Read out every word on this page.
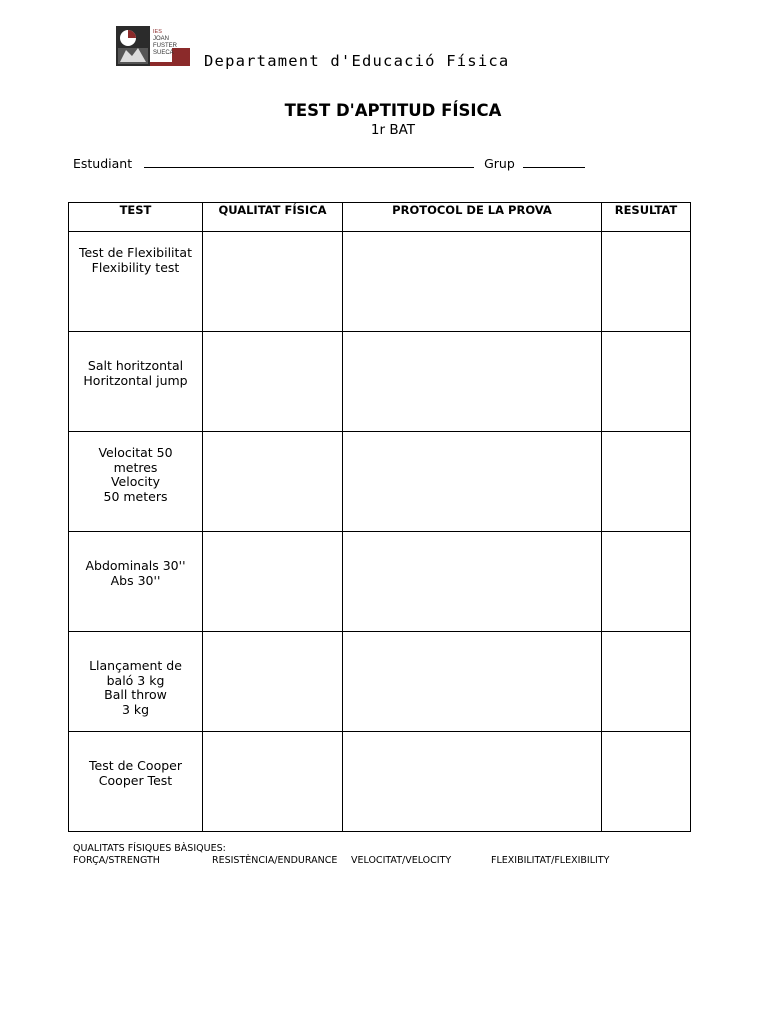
IES
JOAN
FUSTER
SUECA Departament d'Educació Física
TEST D'APTITUD FÍSICA
1r BAT
Estudiant	Grup
TEST	QUALITAT FÍSICA	PROTOCOL DE LA PROVA	RESULTAT

Test de Flexibilitat
Flexibility test			

Salt horitzontal
Horitzontal jump			

Velocitat 50
metres
Velocity
50 meters			

Abdominals 30''
Abs 30''			

Llançament de
baló 3 kg
Ball throw
3 kg			

Test de Cooper
Cooper Test			

QUALITATS FÍSIQUES BÀSIQUES:
FORÇA/STRENGTH	RESISTÈNCIA/ENDURANCE VELOCITAT/VELOCITY	FLEXIBILITAT/FLEXIBILITY
